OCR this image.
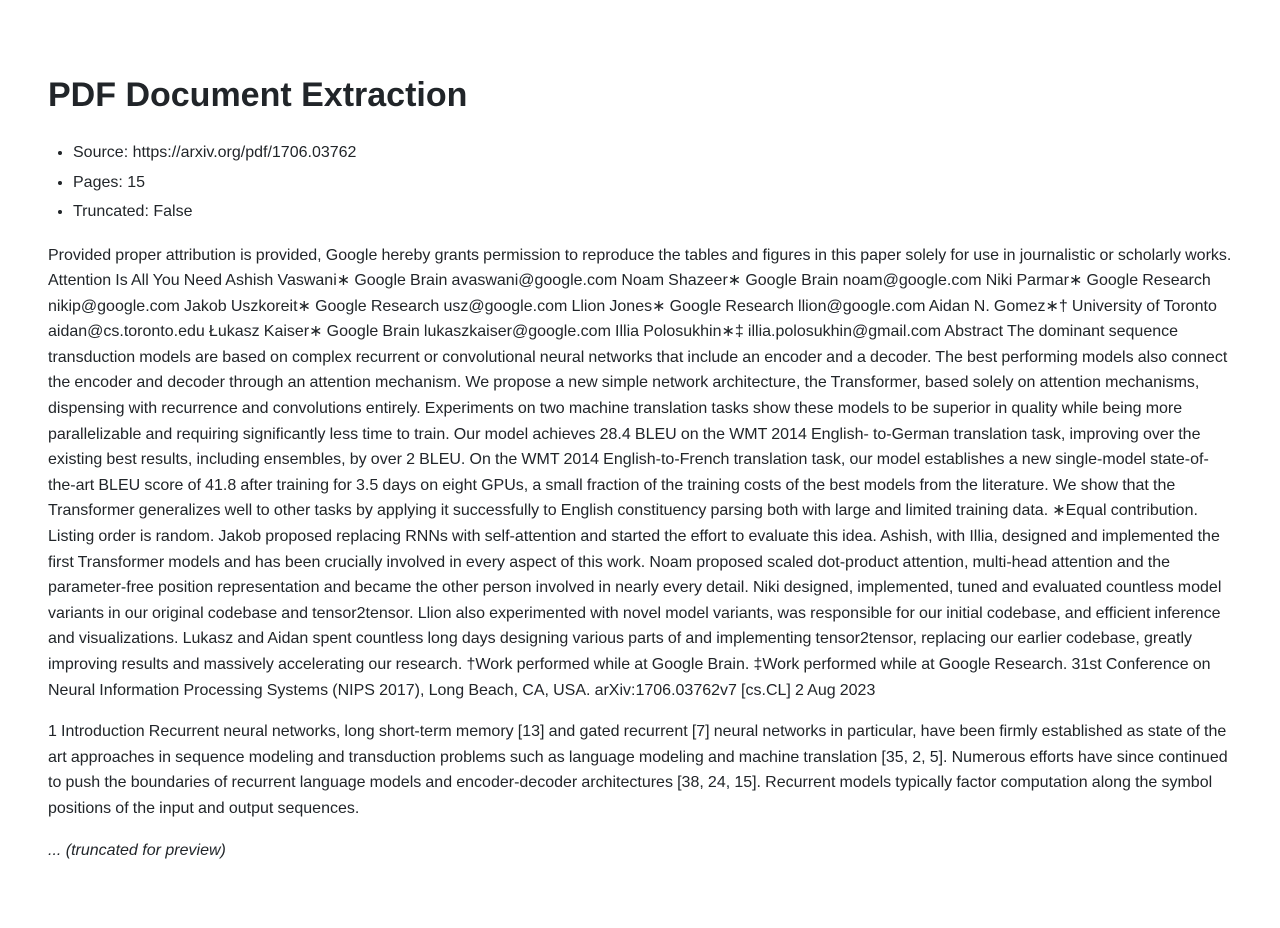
PDF Document Extraction
• Source: https://arxiv.org/pdf/1706.03762
• Pages: 15
• Truncated: False

Provided proper attribution is provided, Google hereby grants permission to reproduce the tables and figures in this paper solely for use in journalistic or scholarly works. Attention Is All You Need Ashish Vaswani∗ Google Brain avaswani@google.com Noam Shazeer∗ Google Brain noam@google.com Niki Parmar∗ Google Research nikip@google.com Jakob Uszkoreit∗ Google Research usz@google.com Llion Jones∗ Google Research llion@google.com Aidan N. Gomez∗† University of Toronto aidan@cs.toronto.edu Łukasz Kaiser∗ Google Brain lukaszkaiser@google.com Illia Polosukhin∗‡ illia.polosukhin@gmail.com Abstract The dominant sequence transduction models are based on complex recurrent or convolutional neural networks that include an encoder and a decoder. The best performing models also connect the encoder and decoder through an attention mechanism. We propose a new simple network architecture, the Transformer, based solely on attention mechanisms, dispensing with recurrence and convolutions entirely. Experiments on two machine translation tasks show these models to be superior in quality while being more parallelizable and requiring significantly less time to train. Our model achieves 28.4 BLEU on the WMT 2014 English- to-German translation task, improving over the existing best results, including ensembles, by over 2 BLEU. On the WMT 2014 English-to-French translation task, our model establishes a new single-model state-of-the-art BLEU score of 41.8 after training for 3.5 days on eight GPUs, a small fraction of the training costs of the best models from the literature. We show that the Transformer generalizes well to other tasks by applying it successfully to English constituency parsing both with large and limited training data. ∗Equal contribution. Listing order is random. Jakob proposed replacing RNNs with self-attention and started the effort to evaluate this idea. Ashish, with Illia, designed and implemented the first Transformer models and has been crucially involved in every aspect of this work. Noam proposed scaled dot-product attention, multi-head attention and the parameter-free position representation and became the other person involved in nearly every detail. Niki designed, implemented, tuned and evaluated countless model variants in our original codebase and tensor2tensor. Llion also experimented with novel model variants, was responsible for our initial codebase, and efficient inference and visualizations. Lukasz and Aidan spent countless long days designing various parts of and implementing tensor2tensor, replacing our earlier codebase, greatly improving results and massively accelerating our research. †Work performed while at Google Brain. ‡Work performed while at Google Research. 31st Conference on Neural Information Processing Systems (NIPS 2017), Long Beach, CA, USA. arXiv:1706.03762v7 [cs.CL] 2 Aug 2023

1 Introduction Recurrent neural networks, long short-term memory [13] and gated recurrent [7] neural networks in particular, have been firmly established as state of the art approaches in sequence modeling and transduction problems such as language modeling and machine translation [35, 2, 5]. Numerous efforts have since continued to push the boundaries of recurrent language models and encoder-decoder architectures [38, 24, 15]. Recurrent models typically factor computation along the symbol positions of the input and output sequences.

... (truncated for preview)
